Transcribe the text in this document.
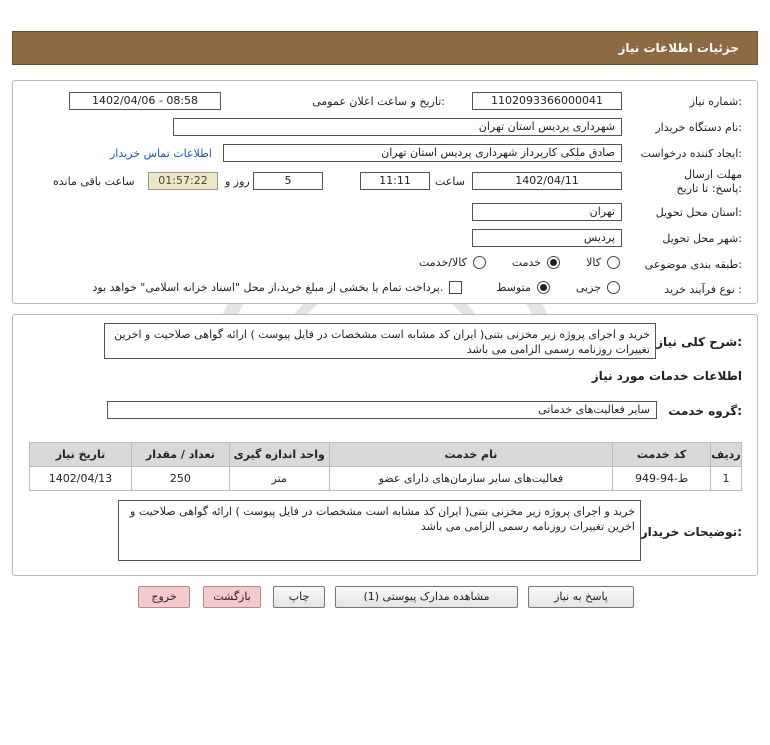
جزئیات اطلاعات نیاز
شماره نیاز:
1102093366000041
تاریخ و ساعت اعلان عمومی:
1402/04/06 - 08:58
نام دستگاه خریدار:
شهرداری پردیس استان تهران
ایجاد کننده درخواست:
صادق ملکی کارپرداز شهرداری پردیس استان تهران
اطلاعات تماس خریدار
مهلت ارسال پاسخ: تا تاریخ:
1402/04/11
ساعت
11:11
5
روز و
01:57:22
ساعت باقی مانده
استان محل تحویل:
تهران
شهر محل تحویل:
پردیس
طبقه بندی موضوعی:
کالا
خدمت
کالا/خدمت
نوع فرآیند خرید :
جزیی
متوسط
پرداخت تمام یا بخشی از مبلغ خرید،از محل "اسناد خزانه اسلامی" خواهد بود.
شرح کلی نیاز:
خرید و اجرای پروژه زیر مخزنی بتنی( ایران کد مشابه است مشخصات در فایل پیوست ) ارائه گواهی صلاحیت و اخرین تغییرات روزنامه رسمی الزامی می باشد
اطلاعات خدمات مورد نیاز
گروه خدمت:
سایر فعالیت‌های خدماتی
ردیف	کد خدمت	نام خدمت	واحد اندازه گیری	تعداد / مقدار	تاریخ نیاز
1	ط-94-949	فعالیت‌های سایر سازمان‌های دارای عضو	متر	250	1402/04/13
توضیحات خریدار:
خرید و اجرای پروژه زیر مخزنی بتنی( ایران کد مشابه است مشخصات در فایل پیوست ) ارائه گواهی صلاحیت و اخرین تغییرات روزنامه رسمی الزامی می باشد
پاسخ به نیاز
مشاهده مدارک پیوستی (1)
چاپ
بازگشت
خروج
